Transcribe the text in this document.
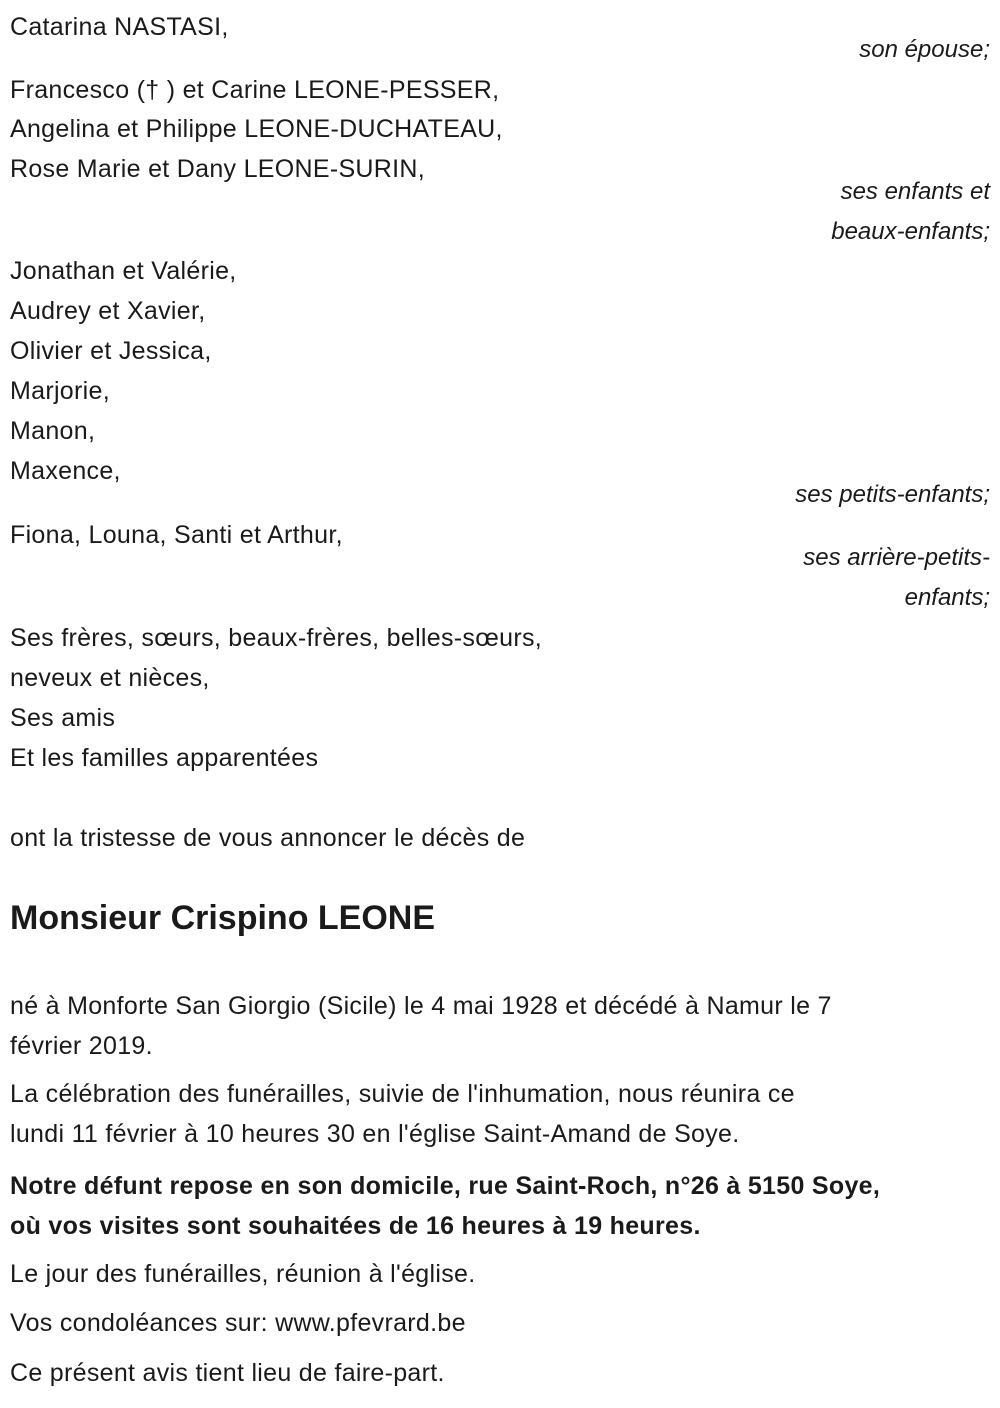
Catarina NASTASI,
son épouse;
Francesco († ) et Carine LEONE-PESSER,
Angelina et Philippe LEONE-DUCHATEAU,
Rose Marie et Dany LEONE-SURIN,
ses enfants et
beaux-enfants;
Jonathan et Valérie,
Audrey et Xavier,
Olivier et Jessica,
Marjorie,
Manon,
Maxence,
ses petits-enfants;
Fiona, Louna, Santi et Arthur,
ses arrière-petits-
enfants;
Ses frères, sœurs, beaux-frères, belles-sœurs,
neveux et nièces,
Ses amis
Et les familles apparentées
ont la tristesse de vous annoncer le décès de
Monsieur Crispino LEONE
né à Monforte San Giorgio (Sicile) le 4 mai 1928 et décédé à Namur le 7
février 2019.
La célébration des funérailles, suivie de l'inhumation, nous réunira ce
lundi 11 février à 10 heures 30 en l'église Saint-Amand de Soye.
Notre défunt repose en son domicile, rue Saint-Roch, n°26 à 5150 Soye,
où vos visites sont souhaitées de 16 heures à 19 heures.
Le jour des funérailles, réunion à l'église.
Vos condoléances sur: www.pfevrard.be
Ce présent avis tient lieu de faire-part.
